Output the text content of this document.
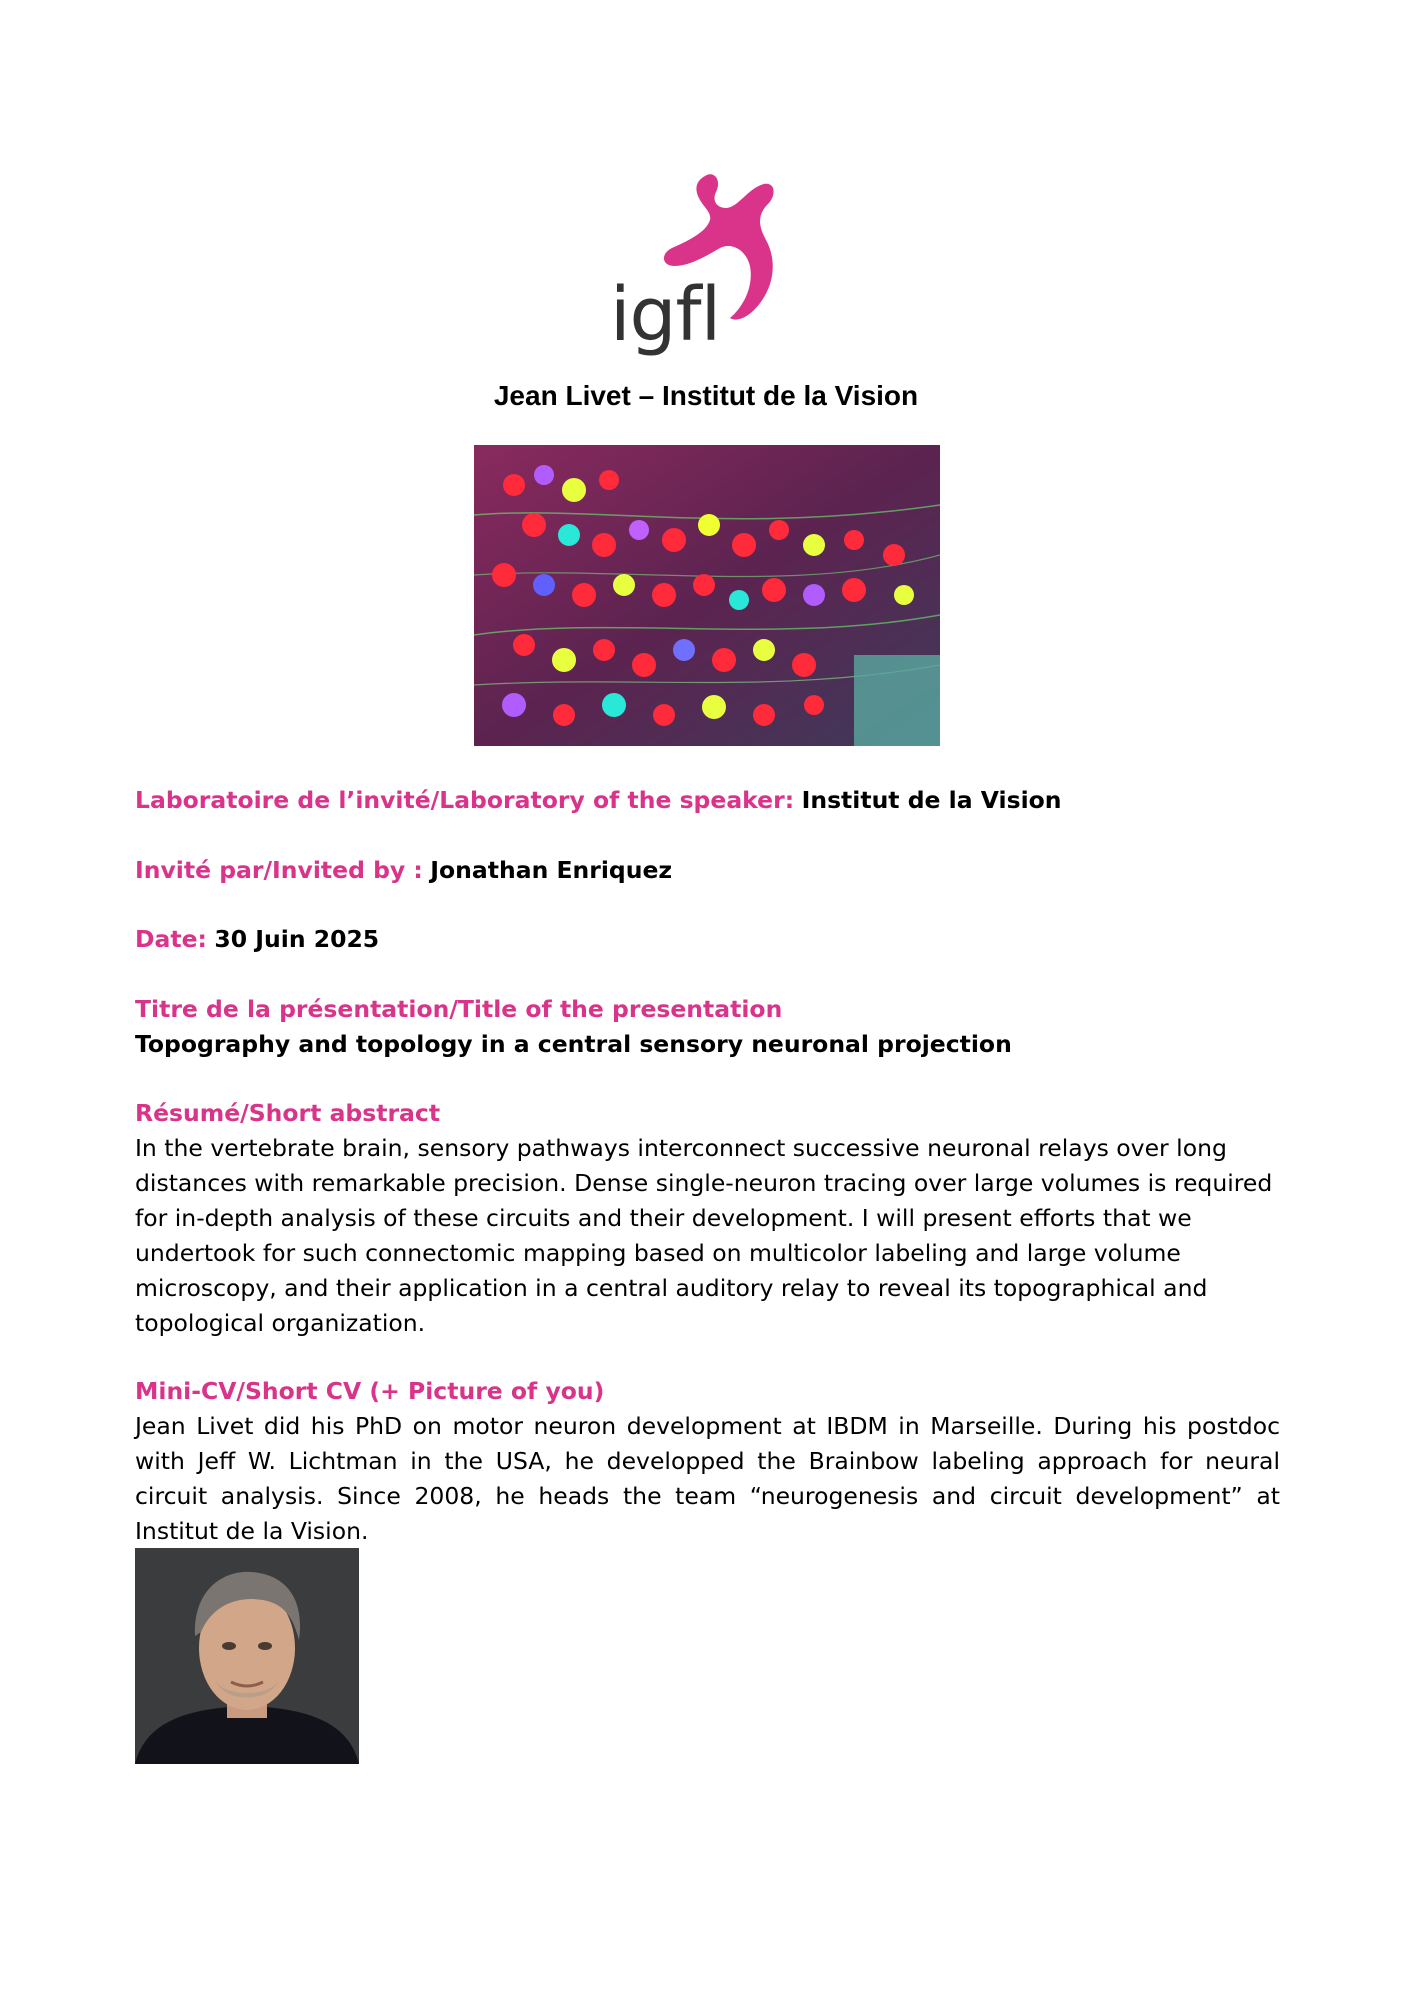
igfl
Jean Livet – Institut de la Vision
Laboratoire de l’invité/Laboratory of the speaker: Institut de la Vision
Invité par/Invited by : Jonathan Enriquez
Date: 30 Juin 2025
Titre de la présentation/Title of the presentation
Topography and topology in a central sensory neuronal projection
Résumé/Short abstract
In the vertebrate brain, sensory pathways interconnect successive neuronal relays over long distances with remarkable precision. Dense single-neuron tracing over large volumes is required for in-depth analysis of these circuits and their development. I will present efforts that we undertook for such connectomic mapping based on multicolor labeling and large volume microscopy, and their application in a central auditory relay to reveal its topographical and topological organization.
Mini-CV/Short CV (+ Picture of you)
Jean Livet did his PhD on motor neuron development at IBDM in Marseille. During his postdoc with Jeff W. Lichtman in the USA, he developped the Brainbow labeling approach for neural circuit analysis. Since 2008, he heads the team “neurogenesis and circuit development” at Institut de la Vision.
